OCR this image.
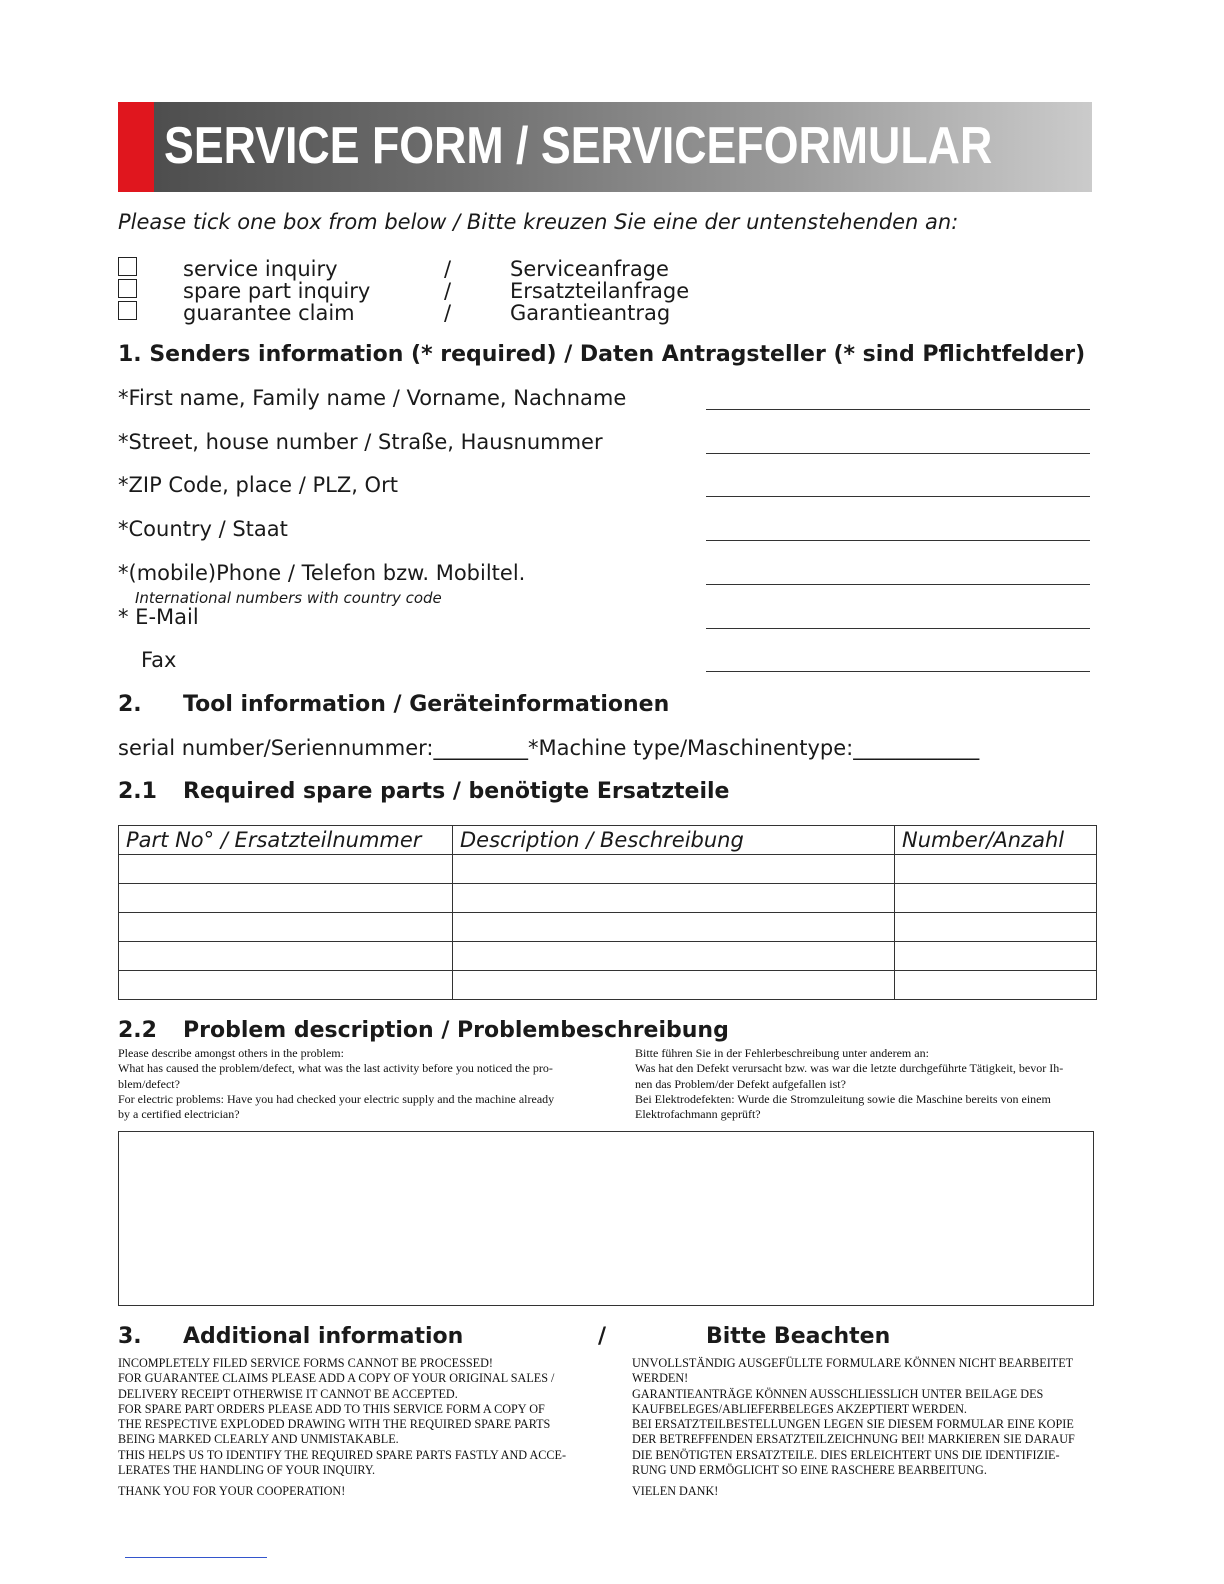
SERVICE FORM / SERVICEFORMULAR
Please tick one box from below / Bitte kreuzen Sie eine der untenstehenden an:
service inquiry	/	Serviceanfrage
spare part inquiry	/	Ersatzteilanfrage
guarantee claim	/	Garantieantrag
1. Senders information (* required) / Daten Antragsteller (* sind Pflichtfelder)
*First name, Family name / Vorname, Nachname
*Street, house number / Straße, Hausnummer
*ZIP Code, place / PLZ, Ort
*Country / Staat
*(mobile)Phone / Telefon bzw. Mobiltel.
International numbers with country code
* E-Mail
Fax
2. Tool information / Geräteinformationen
serial number/Seriennummer:_________*Machine type/Maschinentype:____________
2.1 Required spare parts / benötigte Ersatzteile
Part No° / Ersatzteilnummer	Description / Beschreibung	Number/Anzahl

2.2 Problem description / Problembeschreibung
Please describe amongst others in the problem:
What has caused the problem/defect, what was the last activity before you noticed the pro-
blem/defect?
For electric problems: Have you had checked your electric supply and the machine already
by a certified electrician?
Bitte führen Sie in der Fehlerbeschreibung unter anderem an:
Was hat den Defekt verursacht bzw. was war die letzte durchgeführte Tätigkeit, bevor Ih-
nen das Problem/der Defekt aufgefallen ist?
Bei Elektrodefekten: Wurde die Stromzuleitung sowie die Maschine bereits von einem
Elektrofachmann geprüft?
3. Additional information	/	Bitte Beachten
INCOMPLETELY FILED SERVICE FORMS CANNOT BE PROCESSED!
FOR GUARANTEE CLAIMS PLEASE ADD A COPY OF YOUR ORIGINAL SALES /
DELIVERY RECEIPT OTHERWISE IT CANNOT BE ACCEPTED.
FOR SPARE PART ORDERS PLEASE ADD TO THIS SERVICE FORM A COPY OF
THE RESPECTIVE EXPLODED DRAWING WITH THE REQUIRED SPARE PARTS
BEING MARKED CLEARLY AND UNMISTAKABLE.
THIS HELPS US TO IDENTIFY THE REQUIRED SPARE PARTS FASTLY AND ACCE-
LERATES THE HANDLING OF YOUR INQUIRY.
THANK YOU FOR YOUR COOPERATION!
UNVOLLSTÄNDIG AUSGEFÜLLTE FORMULARE KÖNNEN NICHT BEARBEITET
WERDEN!
GARANTIEANTRÄGE KÖNNEN AUSSCHLIESSLICH UNTER BEILAGE DES
KAUFBELEGES/ABLIEFERBELEGES AKZEPTIERT WERDEN.
BEI ERSATZTEILBESTELLUNGEN LEGEN SIE DIESEM FORMULAR EINE KOPIE
DER BETREFFENDEN ERSATZTEILZEICHNUNG BEI! MARKIEREN SIE DARAUF
DIE BENÖTIGTEN ERSATZTEILE. DIES ERLEICHTERT UNS DIE IDENTIFIZIE-
RUNG UND ERMÖGLICHT SO EINE RASCHERE BEARBEITUNG.
VIELEN DANK!
